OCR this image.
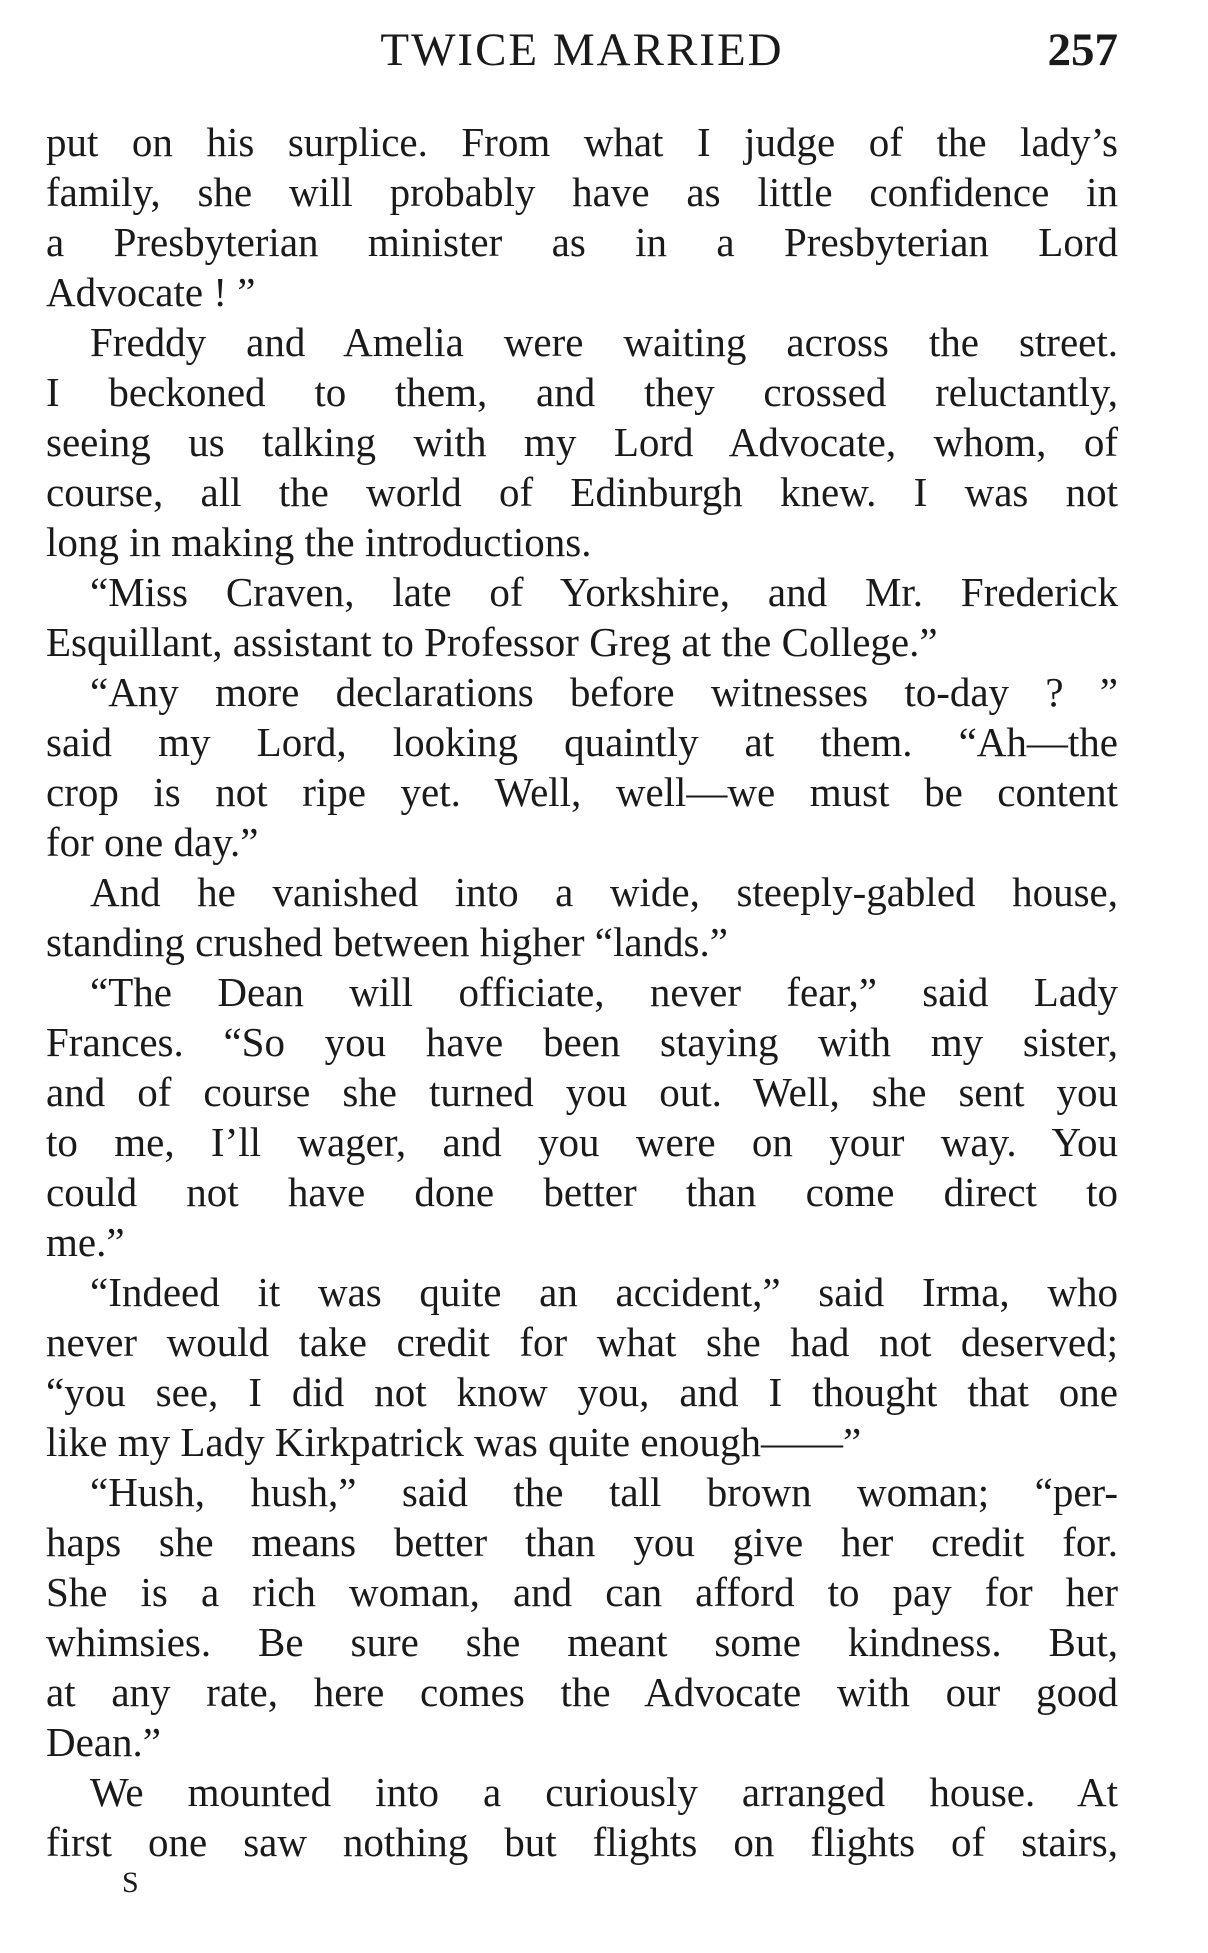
TWICE MARRIED	257
put on his surplice. From what I judge of the lady’s
family, she will probably have as little confidence in
a Presbyterian minister as in a Presbyterian Lord
Advocate ! ”
Freddy and Amelia were waiting across the street.
I beckoned to them, and they crossed reluctantly,
seeing us talking with my Lord Advocate, whom, of
course, all the world of Edinburgh knew. I was not
long in making the introductions.
“Miss Craven, late of Yorkshire, and Mr. Frederick
Esquillant, assistant to Professor Greg at the College.”
“Any more declarations before witnesses to-day ? ”
said my Lord, looking quaintly at them. “Ah—the
crop is not ripe yet. Well, well—we must be content
for one day.”
And he vanished into a wide, steeply-gabled house,
standing crushed between higher “lands.”
“The Dean will officiate, never fear,” said Lady
Frances. “So you have been staying with my sister,
and of course she turned you out. Well, she sent you
to me, I’ll wager, and you were on your way. You
could not have done better than come direct to
me.”
“Indeed it was quite an accident,” said Irma, who
never would take credit for what she had not deserved;
“you see, I did not know you, and I thought that one
like my Lady Kirkpatrick was quite enough——”
“Hush, hush,” said the tall brown woman; “per-
haps she means better than you give her credit for.
She is a rich woman, and can afford to pay for her
whimsies. Be sure she meant some kindness. But,
at any rate, here comes the Advocate with our good
Dean.”
We mounted into a curiously arranged house. At
first one saw nothing but flights on flights of stairs,
S
